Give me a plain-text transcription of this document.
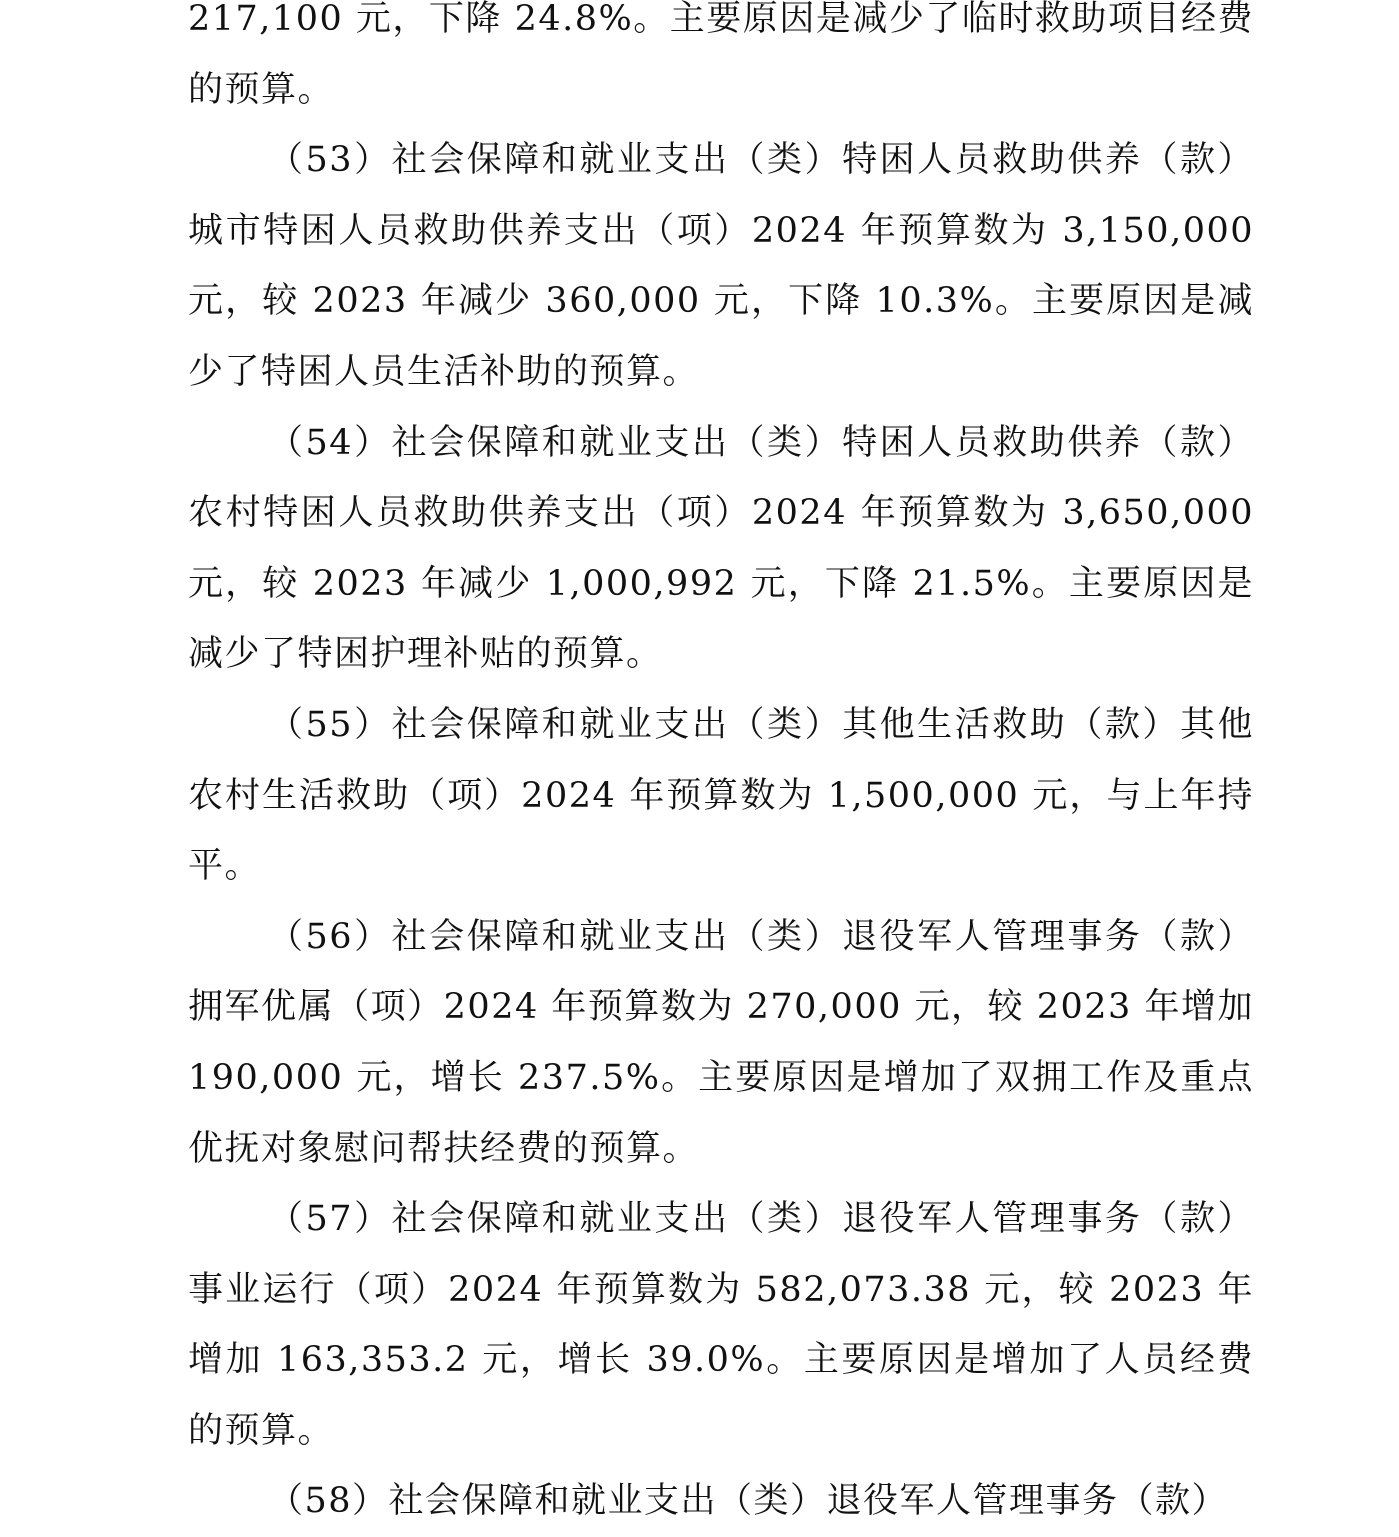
217,100 元，下降 24.8%。主要原因是减少了临时救助项目经费的预算。

（53）社会保障和就业支出（类）特困人员救助供养（款）城市特困人员救助供养支出（项）2024 年预算数为 3,150,000 元，较 2023 年减少 360,000 元，下降 10.3%。主要原因是减少了特困人员生活补助的预算。

（54）社会保障和就业支出（类）特困人员救助供养（款）农村特困人员救助供养支出（项）2024 年预算数为 3,650,000 元，较 2023 年减少 1,000,992 元，下降 21.5%。主要原因是减少了特困护理补贴的预算。

（55）社会保障和就业支出（类）其他生活救助（款）其他农村生活救助（项）2024 年预算数为 1,500,000 元，与上年持平。

（56）社会保障和就业支出（类）退役军人管理事务（款）拥军优属（项）2024 年预算数为 270,000 元，较 2023 年增加 190,000 元，增长 237.5%。主要原因是增加了双拥工作及重点优抚对象慰问帮扶经费的预算。

（57）社会保障和就业支出（类）退役军人管理事务（款）事业运行（项）2024 年预算数为 582,073.38 元，较 2023 年增加 163,353.2 元，增长 39.0%。主要原因是增加了人员经费的预算。

（58）社会保障和就业支出（类）退役军人管理事务（款）
